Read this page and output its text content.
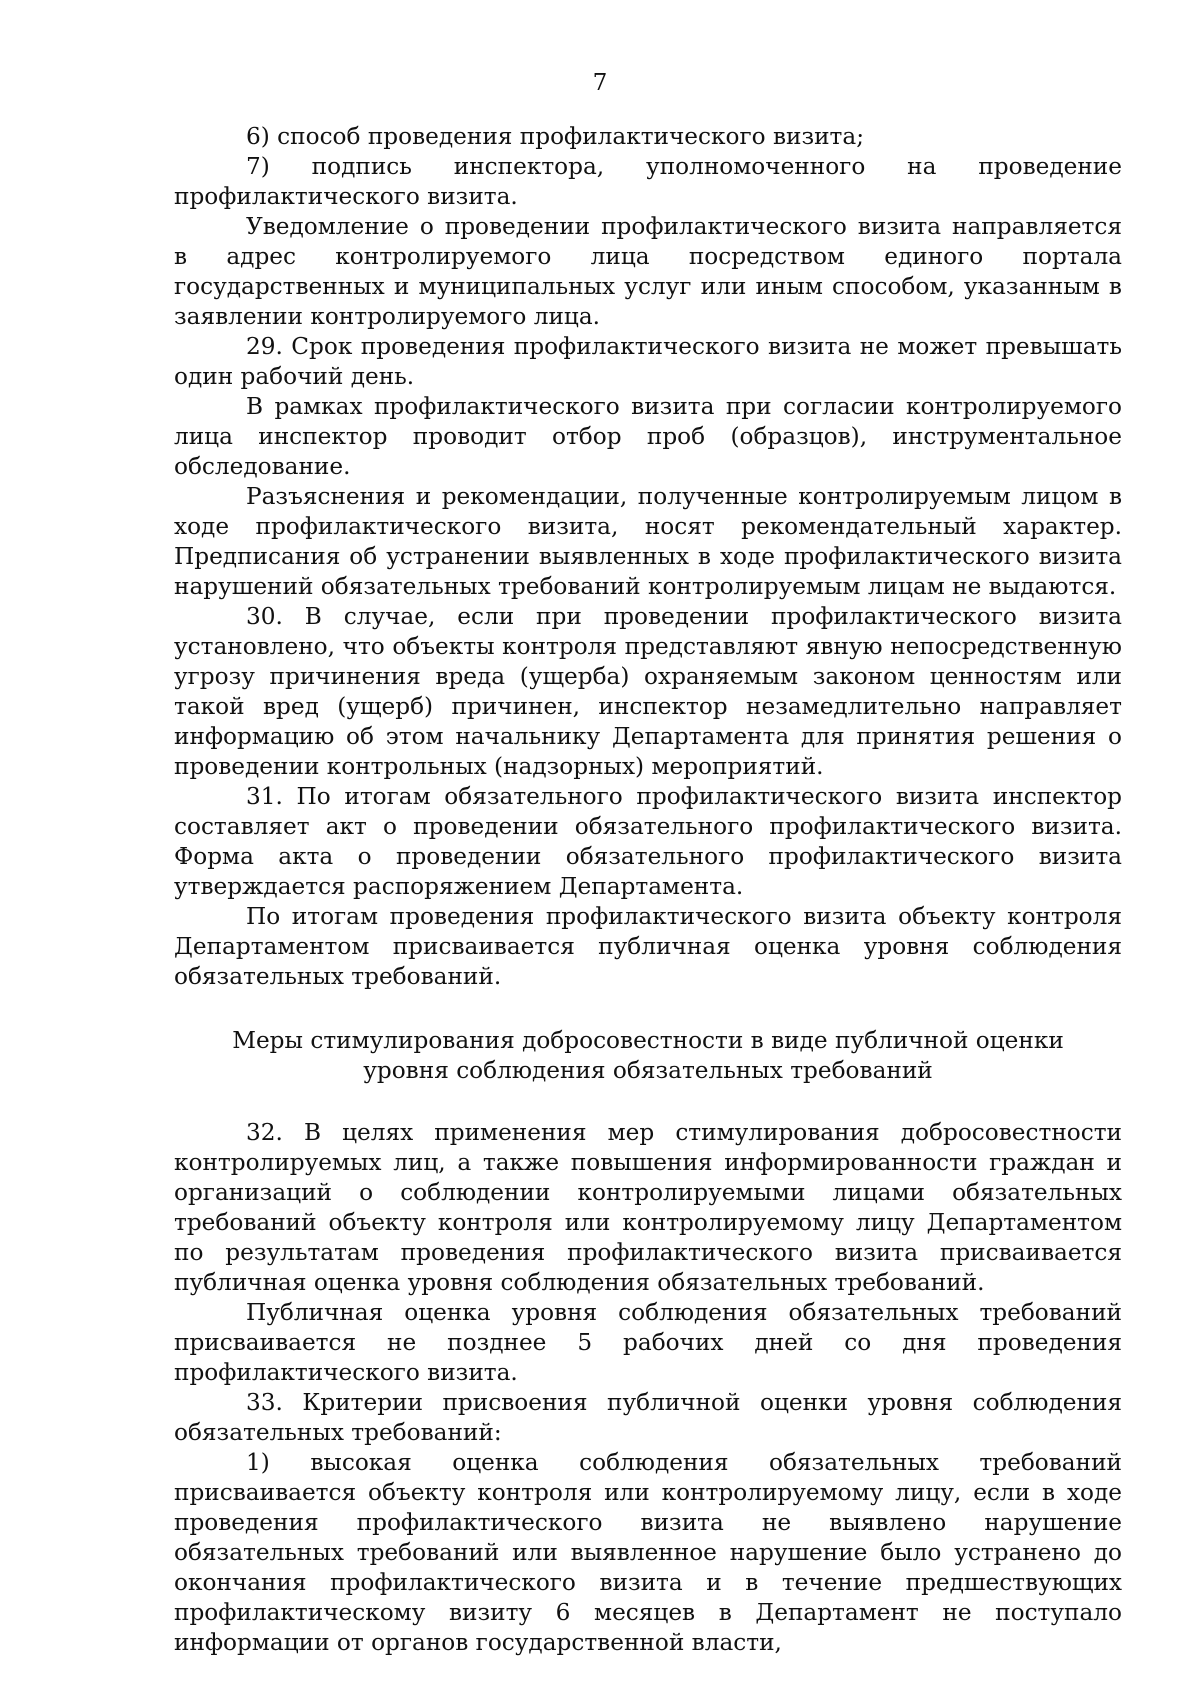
7

6) способ проведения профилактического визита;

7) подпись инспектора, уполномоченного на проведение профилактического визита.

Уведомление о проведении профилактического визита направляется в адрес контролируемого лица посредством единого портала государственных и муниципальных услуг или иным способом, указанным в заявлении контролируемого лица.

29. Срок проведения профилактического визита не может превышать один рабочий день.

В рамках профилактического визита при согласии контролируемого лица инспектор проводит отбор проб (образцов), инструментальное обследование.

Разъяснения и рекомендации, полученные контролируемым лицом в ходе профилактического визита, носят рекомендательный характер. Предписания об устранении выявленных в ходе профилактического визита нарушений обязательных требований контролируемым лицам не выдаются.

30. В случае, если при проведении профилактического визита установлено, что объекты контроля представляют явную непосредственную угрозу причинения вреда (ущерба) охраняемым законом ценностям или такой вред (ущерб) причинен, инспектор незамедлительно направляет информацию об этом начальнику Департамента для принятия решения о проведении контрольных (надзорных) мероприятий.

31. По итогам обязательного профилактического визита инспектор составляет акт о проведении обязательного профилактического визита. Форма акта о проведении обязательного профилактического визита утверждается распоряжением Департамента.

По итогам проведения профилактического визита объекту контроля Департаментом присваивается публичная оценка уровня соблюдения обязательных требований.

Меры стимулирования добросовестности в виде публичной оценки
уровня соблюдения обязательных требований

32. В целях применения мер стимулирования добросовестности контролируемых лиц, а также повышения информированности граждан и организаций о соблюдении контролируемыми лицами обязательных требований объекту контроля или контролируемому лицу Департаментом по результатам проведения профилактического визита присваивается публичная оценка уровня соблюдения обязательных требований.

Публичная оценка уровня соблюдения обязательных требований присваивается не позднее 5 рабочих дней со дня проведения профилактического визита.

33. Критерии присвоения публичной оценки уровня соблюдения обязательных требований:

1) высокая оценка соблюдения обязательных требований присваивается объекту контроля или контролируемому лицу, если в ходе проведения профилактического визита не выявлено нарушение обязательных требований или выявленное нарушение было устранено до окончания профилактического визита и в течение предшествующих профилактическому визиту 6 месяцев в Департамент не поступало информации от органов государственной власти,
